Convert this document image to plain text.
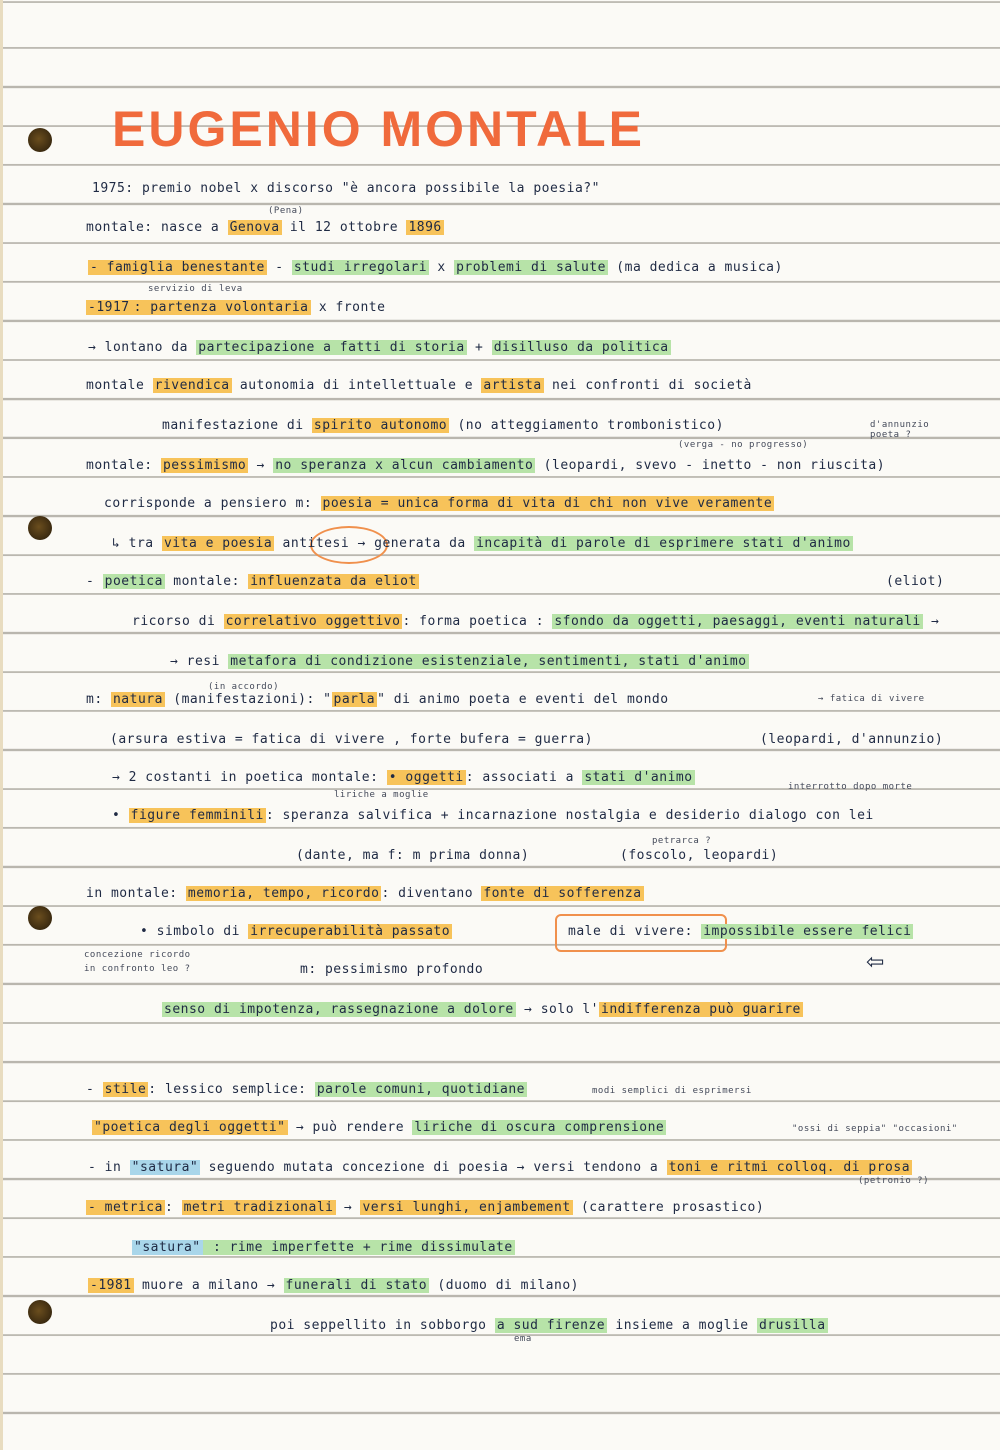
EUGENIO MONTALE
1975: premio nobel x discorso "è ancora possibile la poesia?"
(Pena)
montale: nasce a Genova il 12 ottobre 1896
- famiglia benestante - studi irregolari x problemi di salute (ma dedica a musica)
servizio di leva
-1917 : partenza volontaria x fronte
→ lontano da partecipazione a fatti di storia + disilluso da politica
montale rivendica autonomia di intellettuale e artista nei confronti di società
manifestazione di spirito autonomo (no atteggiamento trombonistico)	d'annunzio poeta ?
(verga - no progresso)
montale: pessimismo → no speranza x alcun cambiamento (leopardi, svevo - inetto - non riuscita)
corrisponde a pensiero m: poesia = unica forma di vita di chi non vive veramente
↳ tra vita e poesia antitesi → generata da incapità di parole di esprimere stati d'animo
- poetica montale: influenzata da eliot	(eliot)
ricorso di correlativo oggettivo : forma poetica : sfondo da oggetti, paesaggi, eventi naturali →
→ resi metafora di condizione esistenziale, sentimenti, stati d'animo
(in accordo)
m: natura (manifestazioni): " parla " di animo poeta e eventi del mondo	→ fatica di vivere
(arsura estiva = fatica di vivere , forte bufera = guerra)	(leopardi, d'annunzio)
→ 2 costanti in poetica montale: • oggetti : associati a stati d'animo
liriche a moglie
interrotto dopo morte
• figure femminili : speranza salvifica + incarnazione nostalgia e desiderio dialogo con lei
petrarca ?
(dante, ma f: m prima donna)	(foscolo, leopardi)
in montale: memoria, tempo, ricordo : diventano fonte di sofferenza
• simbolo di irrecuperabilità passato	male di vivere: impossibile essere felici
concezione ricordo
in confronto leo ?	m: pessimismo profondo	⇦
senso di impotenza, rassegnazione a dolore → solo l' indifferenza può guarire
- stile : lessico semplice: parole comuni, quotidiane	modi semplici di esprimersi
"poetica degli oggetti" → può rendere liriche di oscura comprensione	"ossi di seppia" "occasioni"
- in "satura" seguendo mutata concezione di poesia → versi tendono a toni e ritmi colloq. di prosa
(petronio ?)
- metrica : metri tradizionali → versi lunghi, enjambement (carattere prosastico)
"satura" : rime imperfette + rime dissimulate
-1981 muore a milano → funerali di stato (duomo di milano)
poi seppellito in sobborgo a sud firenze insieme a moglie drusilla
ema
